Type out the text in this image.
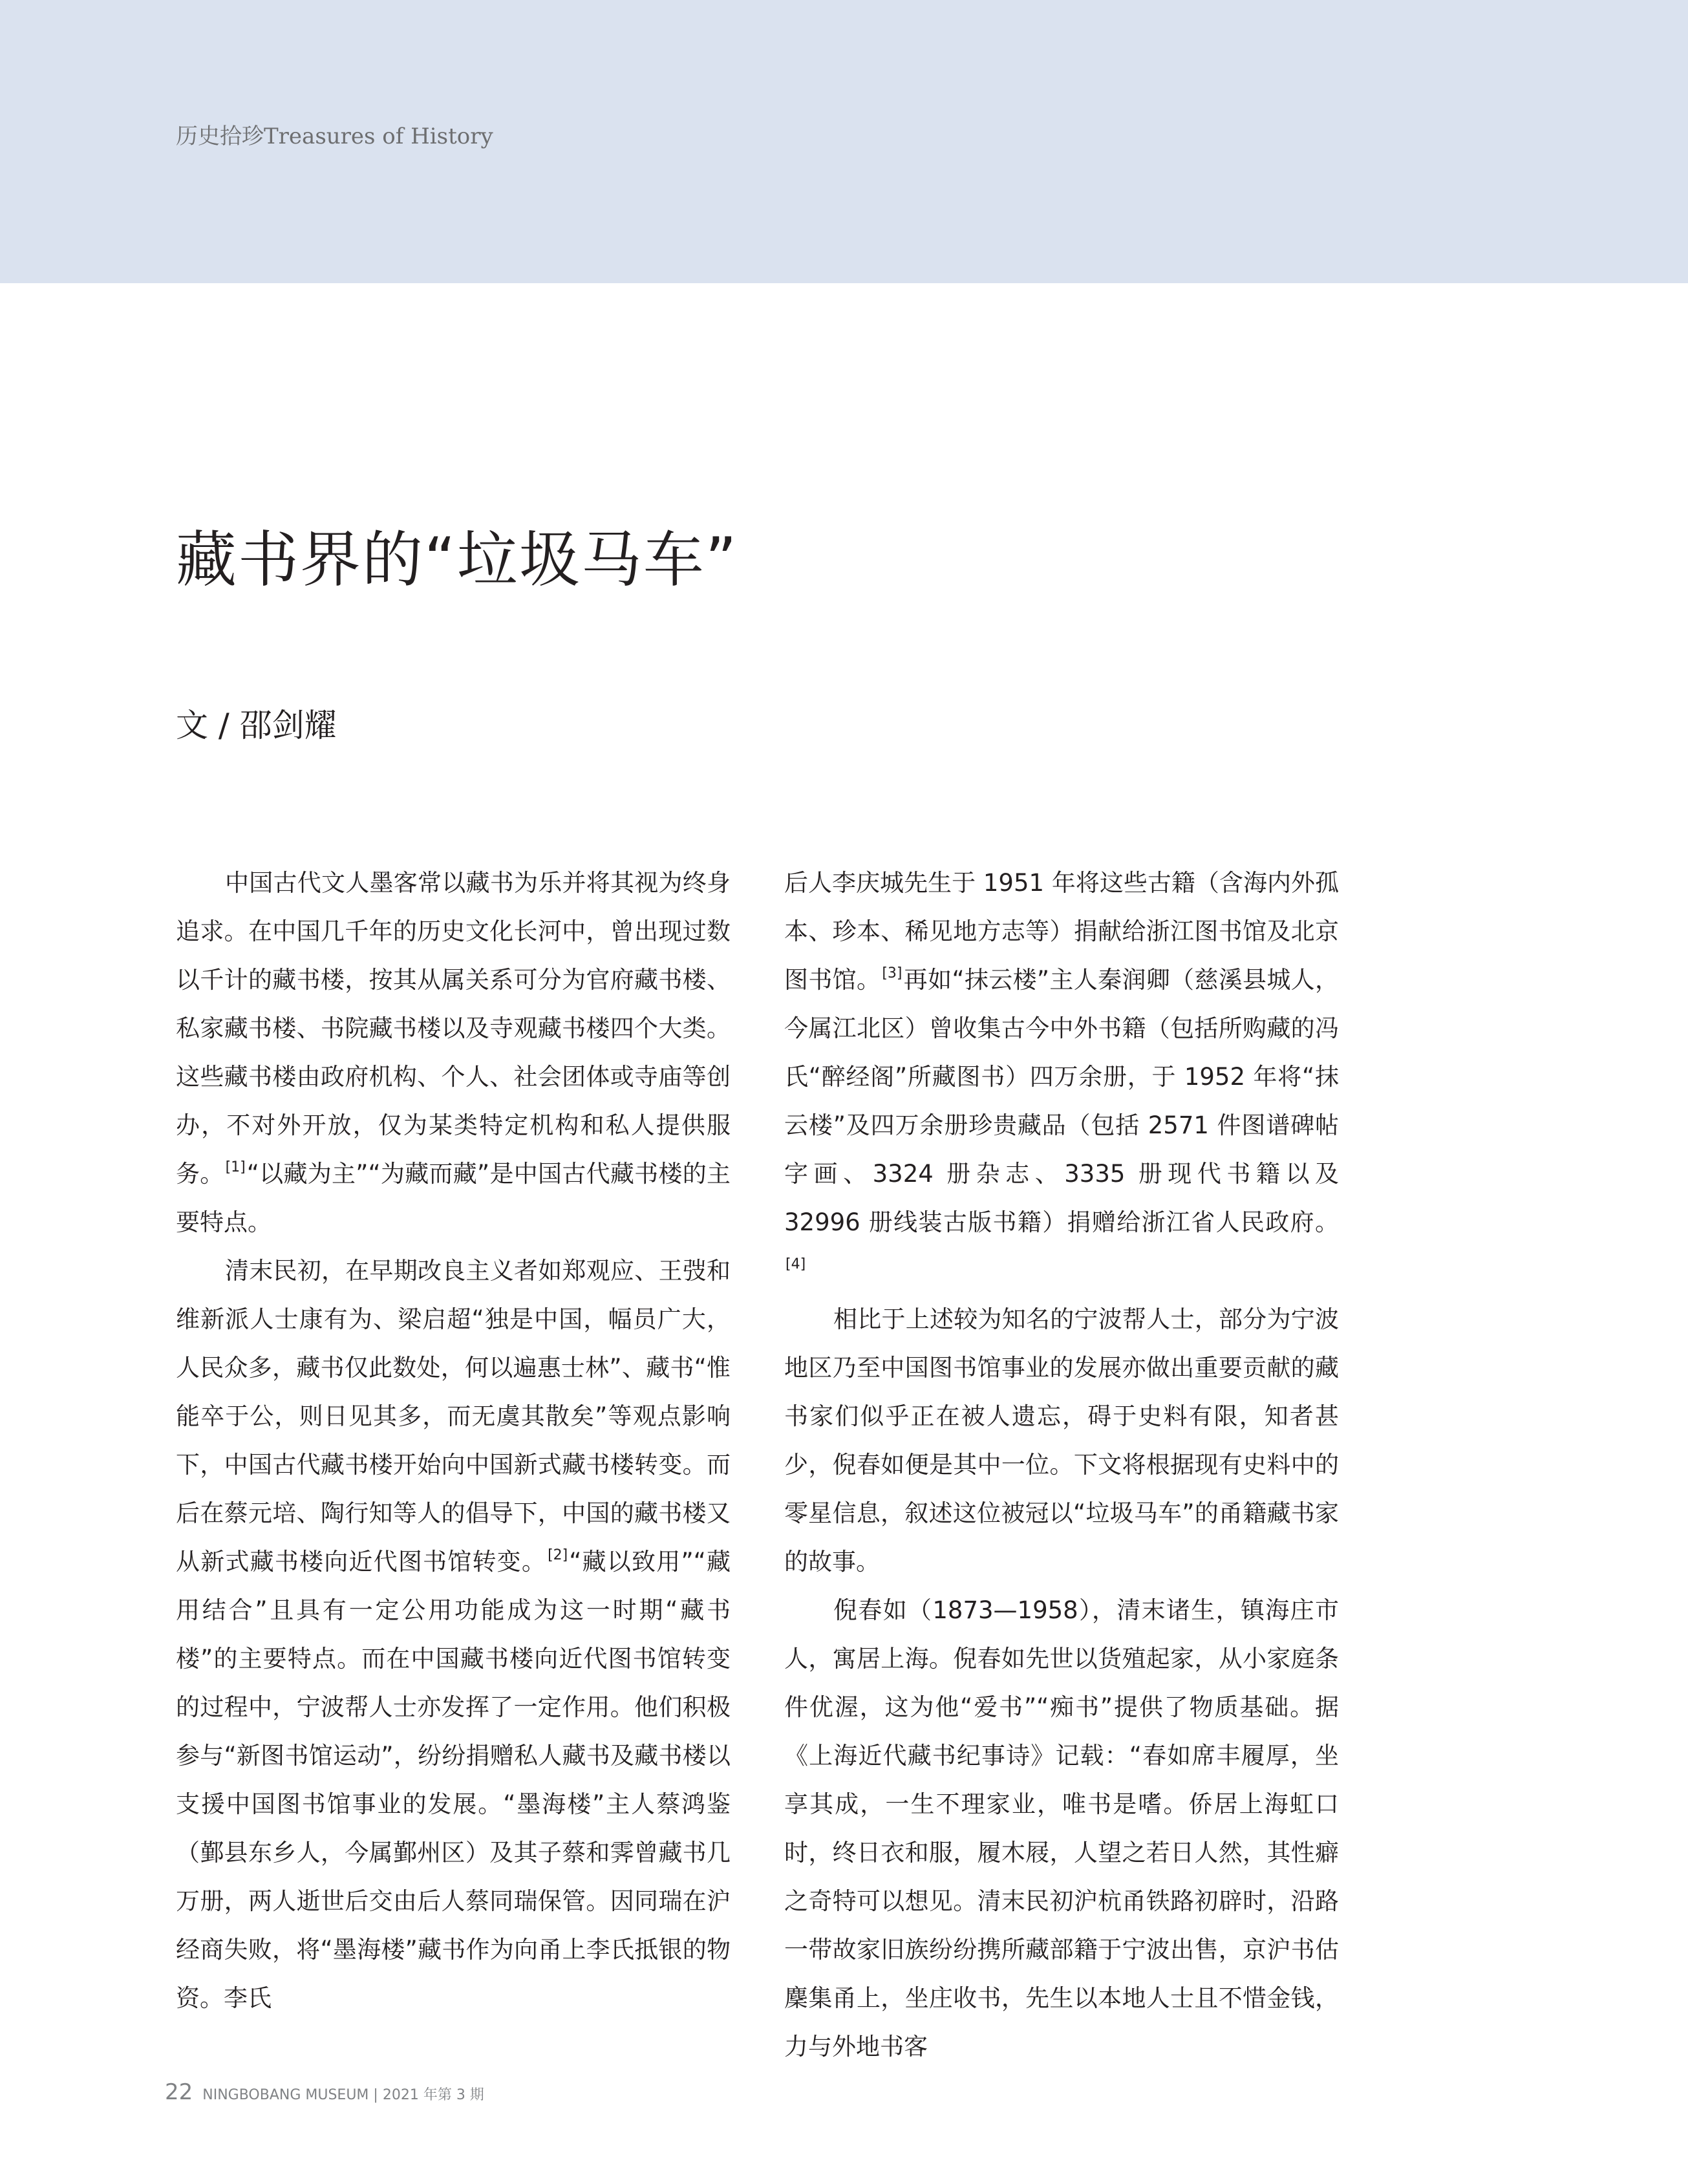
历史拾珍Treasures of History
藏书界的“垃圾马车”
文 / 邵剑耀

中国古代文人墨客常以藏书为乐并将其视为终身追求。在中国几千年的历史文化长河中，曾出现过数以千计的藏书楼，按其从属关系可分为官府藏书楼、私家藏书楼、书院藏书楼以及寺观藏书楼四个大类。这些藏书楼由政府机构、个人、社会团体或寺庙等创办，不对外开放，仅为某类特定机构和私人提供服务。[1]“以藏为主”“为藏而藏”是中国古代藏书楼的主要特点。

清末民初，在早期改良主义者如郑观应、王弢和维新派人士康有为、梁启超“独是中国，幅员广大，人民众多，藏书仅此数处，何以遍惠士林”、藏书“惟能卒于公，则日见其多，而无虞其散矣”等观点影响下，中国古代藏书楼开始向中国新式藏书楼转变。而后在蔡元培、陶行知等人的倡导下，中国的藏书楼又从新式藏书楼向近代图书馆转变。[2]“藏以致用”“藏用结合”且具有一定公用功能成为这一时期“藏书楼”的主要特点。而在中国藏书楼向近代图书馆转变的过程中，宁波帮人士亦发挥了一定作用。他们积极参与“新图书馆运动”，纷纷捐赠私人藏书及藏书楼以支援中国图书馆事业的发展。“墨海楼”主人蔡鸿鉴（鄞县东乡人，今属鄞州区）及其子蔡和霁曾藏书几万册，两人逝世后交由后人蔡同瑞保管。因同瑞在沪经商失败，将“墨海楼”藏书作为向甬上李氏抵银的物资。李氏

后人李庆城先生于 1951 年将这些古籍（含海内外孤本、珍本、稀见地方志等）捐献给浙江图书馆及北京图书馆。[3]再如“抹云楼”主人秦润卿（慈溪县城人，今属江北区）曾收集古今中外书籍（包括所购藏的冯氏“醉经阁”所藏图书）四万余册，于 1952 年将“抹云楼”及四万余册珍贵藏品（包括 2571 件图谱碑帖字画、3324 册杂志、3335 册现代书籍以及 32996 册线装古版书籍）捐赠给浙江省人民政府。[4]

相比于上述较为知名的宁波帮人士，部分为宁波地区乃至中国图书馆事业的发展亦做出重要贡献的藏书家们似乎正在被人遗忘，碍于史料有限，知者甚少，倪春如便是其中一位。下文将根据现有史料中的零星信息，叙述这位被冠以“垃圾马车”的甬籍藏书家的故事。

倪春如（1873—1958），清末诸生，镇海庄市人，寓居上海。倪春如先世以货殖起家，从小家庭条件优渥，这为他“爱书”“痴书”提供了物质基础。据《上海近代藏书纪事诗》记载：“春如席丰履厚，坐享其成，一生不理家业，唯书是嗜。侨居上海虹口时，终日衣和服，履木屐，人望之若日人然，其性癖之奇特可以想见。清末民初沪杭甬铁路初辟时，沿路一带故家旧族纷纷携所藏部籍于宁波出售，京沪书估麇集甬上，坐庄收书，先生以本地人士且不惜金钱，力与外地书客

22 NINGBOBANG MUSEUM | 2021 年第 3 期
